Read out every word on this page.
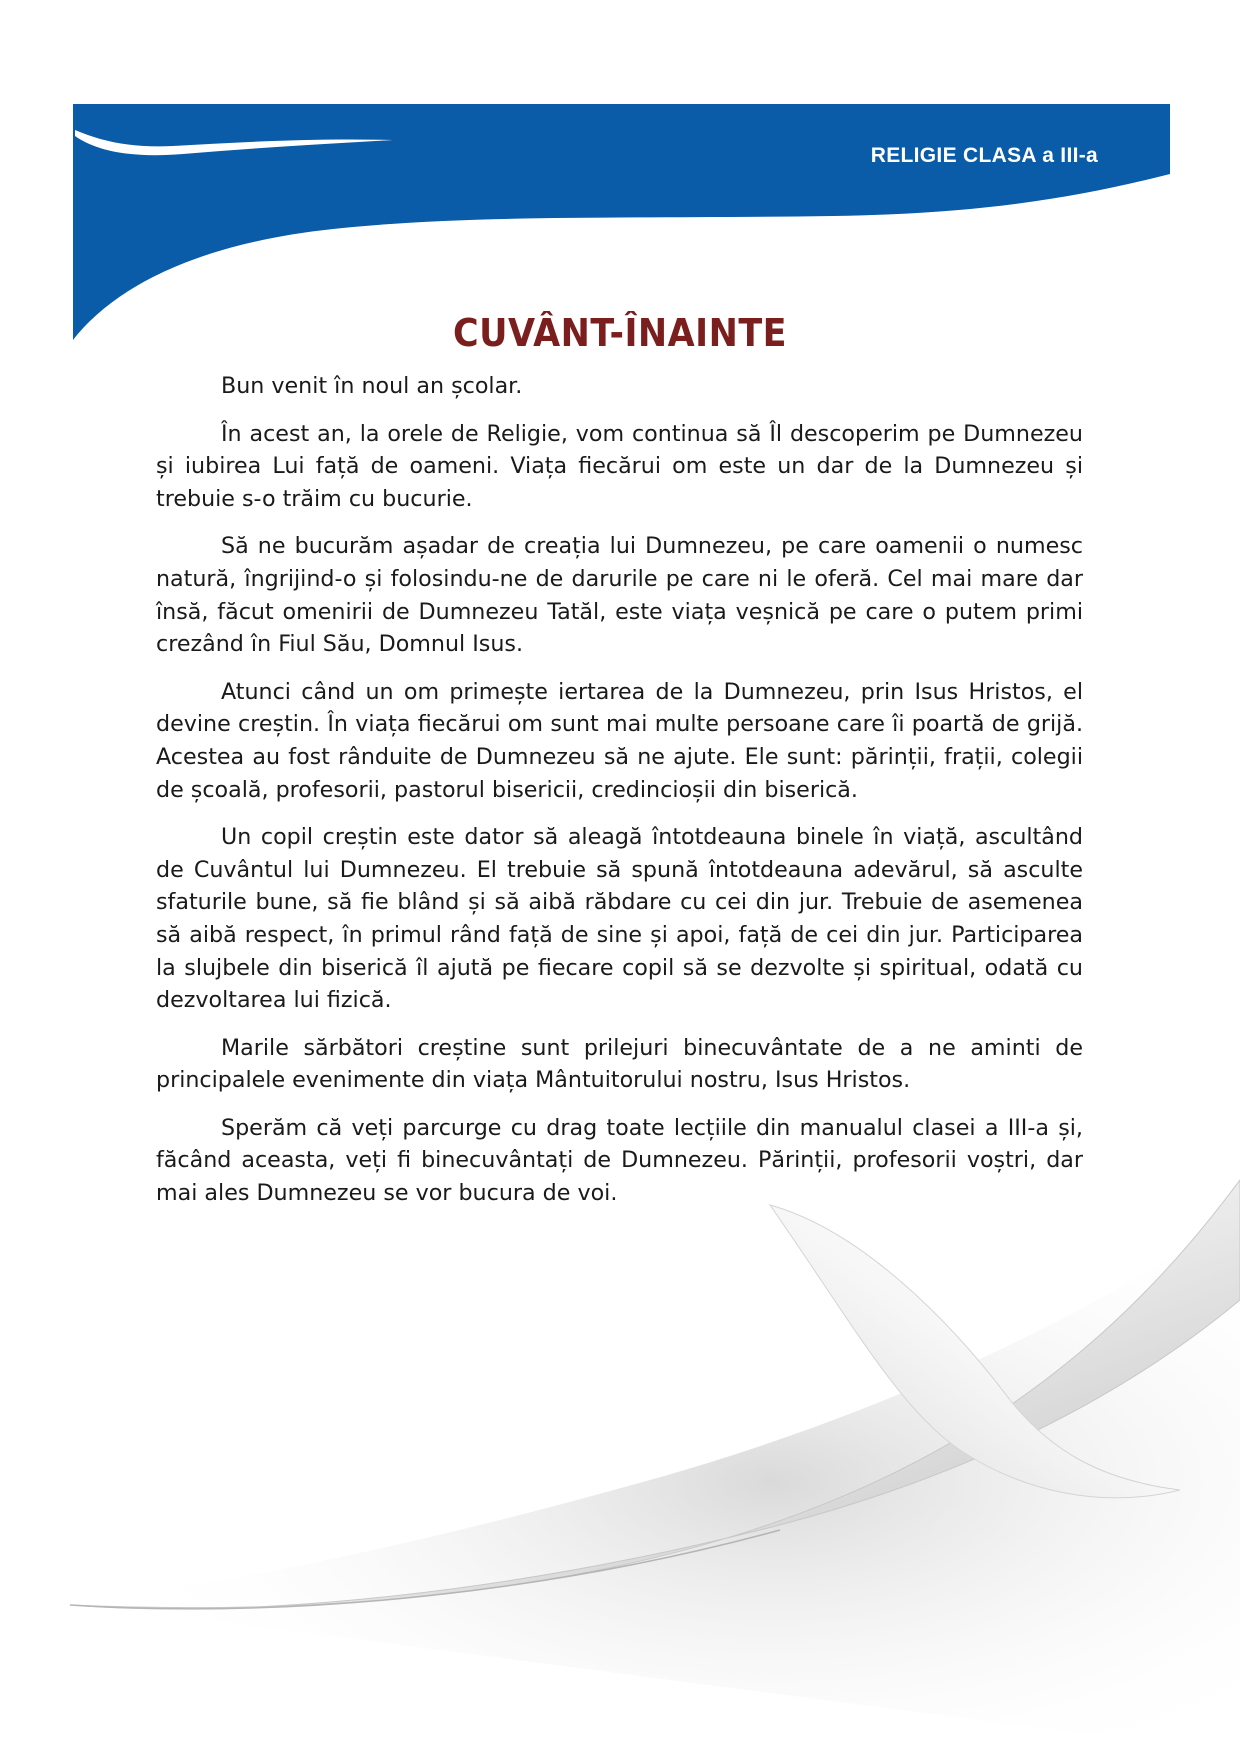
RELIGIE CLASA a III-a
CUVÂNT-ÎNAINTE

Bun venit în noul an școlar.

În acest an, la orele de Religie, vom continua să Îl descoperim pe Dumnezeu și iubirea Lui față de oameni. Viața fiecărui om este un dar de la Dumnezeu și trebuie s-o trăim cu bucurie.

Să ne bucurăm așadar de creația lui Dumnezeu, pe care oamenii o numesc natură, îngrijind-o și folosindu-ne de darurile pe care ni le oferă. Cel mai mare dar însă, făcut omenirii de Dumnezeu Tatăl, este viața veșnică pe care o putem primi crezând în Fiul Său, Domnul Isus.

Atunci când un om primește iertarea de la Dumnezeu, prin Isus Hristos, el devine creștin. În viața fiecărui om sunt mai multe persoane care îi poartă de grijă. Acestea au fost rânduite de Dumnezeu să ne ajute. Ele sunt: părinții, frații, colegii de școală, profesorii, pastorul bisericii, credincioșii din biserică.

Un copil creștin este dator să aleagă întotdeauna binele în viață, ascultând de Cuvântul lui Dumnezeu. El trebuie să spună întotdeauna adevărul, să asculte sfaturile bune, să fie blând și să aibă răbdare cu cei din jur. Trebuie de asemenea să aibă respect, în primul rând față de sine și apoi, față de cei din jur. Participarea la slujbele din biserică îl ajută pe fiecare copil să se dezvolte și spiritual, odată cu dezvoltarea lui fizică.

Marile sărbători creștine sunt prilejuri binecuvântate de a ne aminti de principalele evenimente din viața Mântuitorului nostru, Isus Hristos.

Sperăm că veți parcurge cu drag toate lecțiile din manualul clasei a III-a și, făcând aceasta, veți fi binecuvântați de Dumnezeu. Părinții, profesorii voștri, dar mai ales Dumnezeu se vor bucura de voi.
